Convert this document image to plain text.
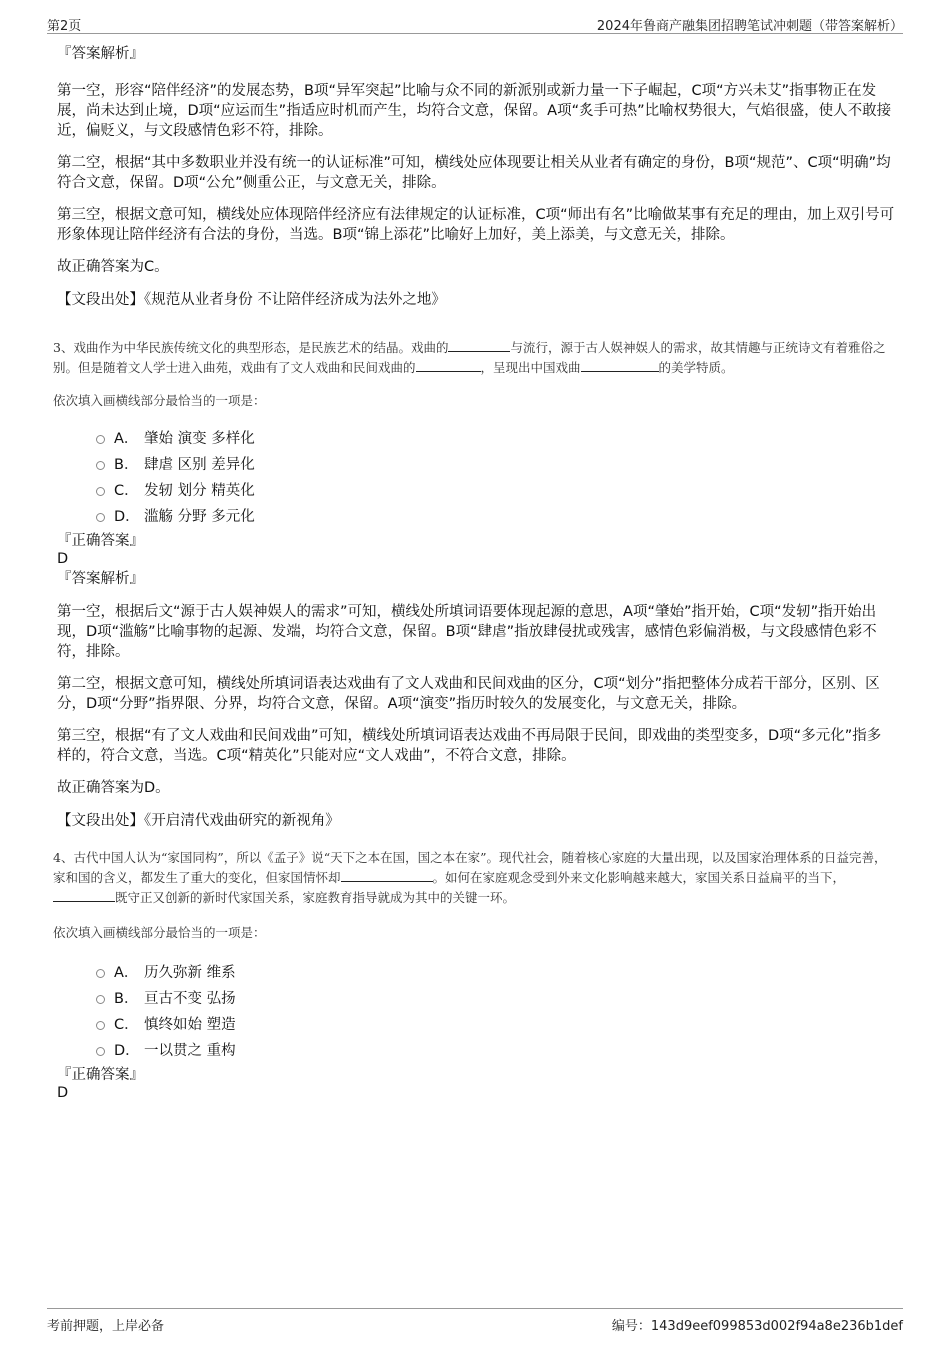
第2页	2024年鲁商产融集团招聘笔试冲刺题（带答案解析）
『答案解析』

第一空，形容“陪伴经济”的发展态势，B项“异军突起”比喻与众不同的新派别或新力量一下子崛起，C项“方兴未艾”指事物正在发展，尚未达到止境，D项“应运而生”指适应时机而产生，均符合文意，保留。A项“炙手可热”比喻权势很大，气焰很盛，使人不敢接近，偏贬义，与文段感情色彩不符，排除。

第二空，根据“其中多数职业并没有统一的认证标准”可知，横线处应体现要让相关从业者有确定的身份，B项“规范”、C项“明确”均符合文意，保留。D项“公允”侧重公正，与文意无关，排除。

第三空，根据文意可知，横线处应体现陪伴经济应有法律规定的认证标准，C项“师出有名”比喻做某事有充足的理由，加上双引号可形象体现让陪伴经济有合法的身份，当选。B项“锦上添花”比喻好上加好，美上添美，与文意无关，排除。

故正确答案为C。

【文段出处】《规范从业者身份 不让陪伴经济成为法外之地》

3、戏曲作为中华民族传统文化的典型形态，是民族艺术的结晶。戏曲的	与流行，源于古人娱神娱人的需求，故其情趣与正统诗文有着雅俗之别。但是随着文人学士进入曲苑，戏曲有了文人戏曲和民间戏曲的	，呈现出中国戏曲	的美学特质。

依次填入画横线部分最恰当的一项是：
A． 肇始 演变 多样化
B． 肆虐 区别 差异化
C． 发轫 划分 精英化
D． 滥觞 分野 多元化
『正确答案』
D
『答案解析』

第一空，根据后文“源于古人娱神娱人的需求”可知，横线处所填词语要体现起源的意思，A项“肇始”指开始，C项“发轫”指开始出现，D项“滥觞”比喻事物的起源、发端，均符合文意，保留。B项“肆虐”指放肆侵扰或残害，感情色彩偏消极，与文段感情色彩不符，排除。

第二空，根据文意可知，横线处所填词语表达戏曲有了文人戏曲和民间戏曲的区分，C项“划分”指把整体分成若干部分，区别、区分，D项“分野”指界限、分界，均符合文意，保留。A项“演变”指历时较久的发展变化，与文意无关，排除。

第三空，根据“有了文人戏曲和民间戏曲”可知，横线处所填词语表达戏曲不再局限于民间，即戏曲的类型变多，D项“多元化”指多样的，符合文意，当选。C项“精英化”只能对应“文人戏曲”，不符合文意，排除。

故正确答案为D。

【文段出处】《开启清代戏曲研究的新视角》

4、古代中国人认为“家国同构”，所以《孟子》说“天下之本在国，国之本在家”。现代社会，随着核心家庭的大量出现，以及国家治理体系的日益完善，家和国的含义，都发生了重大的变化，但家国情怀却	。如何在家庭观念受到外来文化影响越来越大，家国关系日益扁平的当下，既守正又创新的新时代家国关系，家庭教育指导就成为其中的关键一环。

依次填入画横线部分最恰当的一项是：
A． 历久弥新 维系
B． 亘古不变 弘扬
C． 慎终如始 塑造
D． 一以贯之 重构
『正确答案』
D
考前押题，上岸必备	编号：143d9eef099853d002f94a8e236b1def
